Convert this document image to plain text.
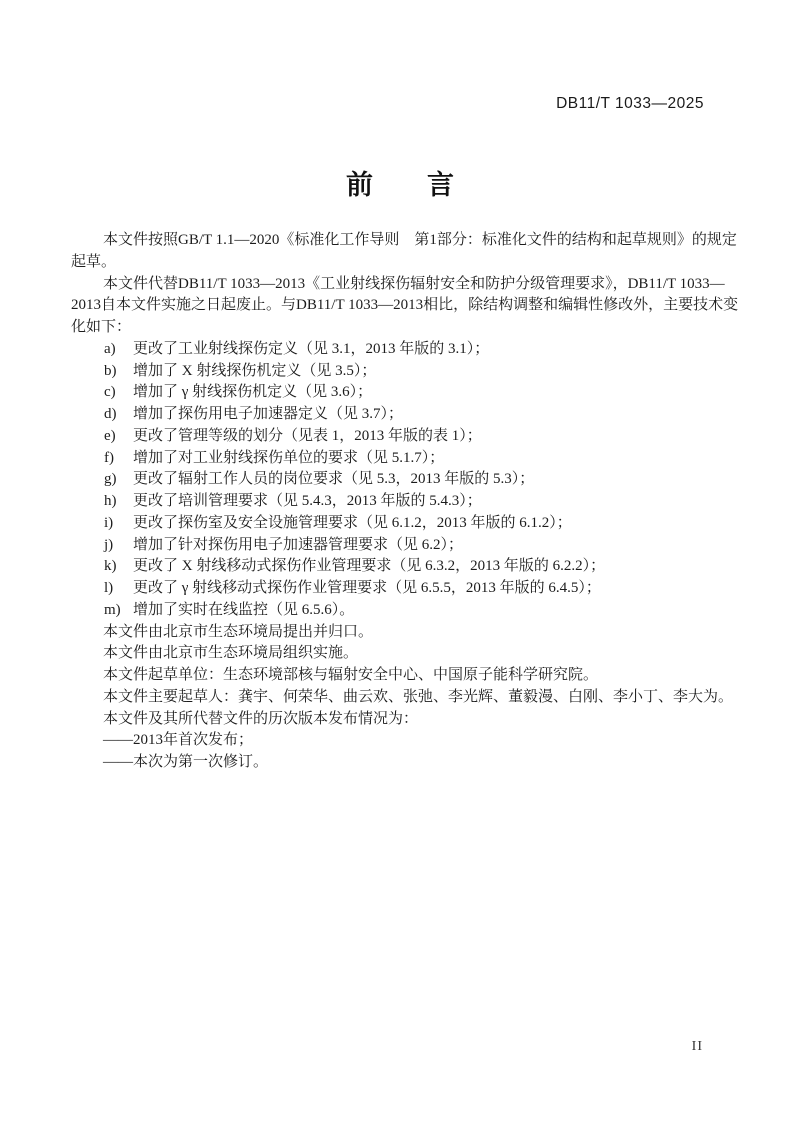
DB11/T 1033—2025
前　　言
本文件按照GB/T 1.1—2020《标准化工作导则　第1部分：标准化文件的结构和起草规则》的规定
起草。
本文件代替DB11/T 1033—2013《工业射线探伤辐射安全和防护分级管理要求》，DB11/T 1033—
2013自本文件实施之日起废止。与DB11/T 1033—2013相比，除结构调整和编辑性修改外，主要技术变
化如下：
a) 更改了工业射线探伤定义（见 3.1，2013 年版的 3.1）；
b) 增加了 X 射线探伤机定义（见 3.5）；
c) 增加了 γ 射线探伤机定义（见 3.6）；
d) 增加了探伤用电子加速器定义（见 3.7）；
e) 更改了管理等级的划分（见表 1，2013 年版的表 1）；
f) 增加了对工业射线探伤单位的要求（见 5.1.7）；
g) 更改了辐射工作人员的岗位要求（见 5.3，2013 年版的 5.3）；
h) 更改了培训管理要求（见 5.4.3，2013 年版的 5.4.3）；
i) 更改了探伤室及安全设施管理要求（见 6.1.2，2013 年版的 6.1.2）；
j) 增加了针对探伤用电子加速器管理要求（见 6.2）；
k) 更改了 X 射线移动式探伤作业管理要求（见 6.3.2，2013 年版的 6.2.2）；
l) 更改了 γ 射线移动式探伤作业管理要求（见 6.5.5，2013 年版的 6.4.5）；
m) 增加了实时在线监控（见 6.5.6）。
本文件由北京市生态环境局提出并归口。
本文件由北京市生态环境局组织实施。
本文件起草单位：生态环境部核与辐射安全中心、中国原子能科学研究院。
本文件主要起草人：龚宇、何荣华、曲云欢、张弛、李光辉、董毅漫、白刚、李小丁、李大为。
本文件及其所代替文件的历次版本发布情况为：
——2013年首次发布；
——本次为第一次修订。
II
